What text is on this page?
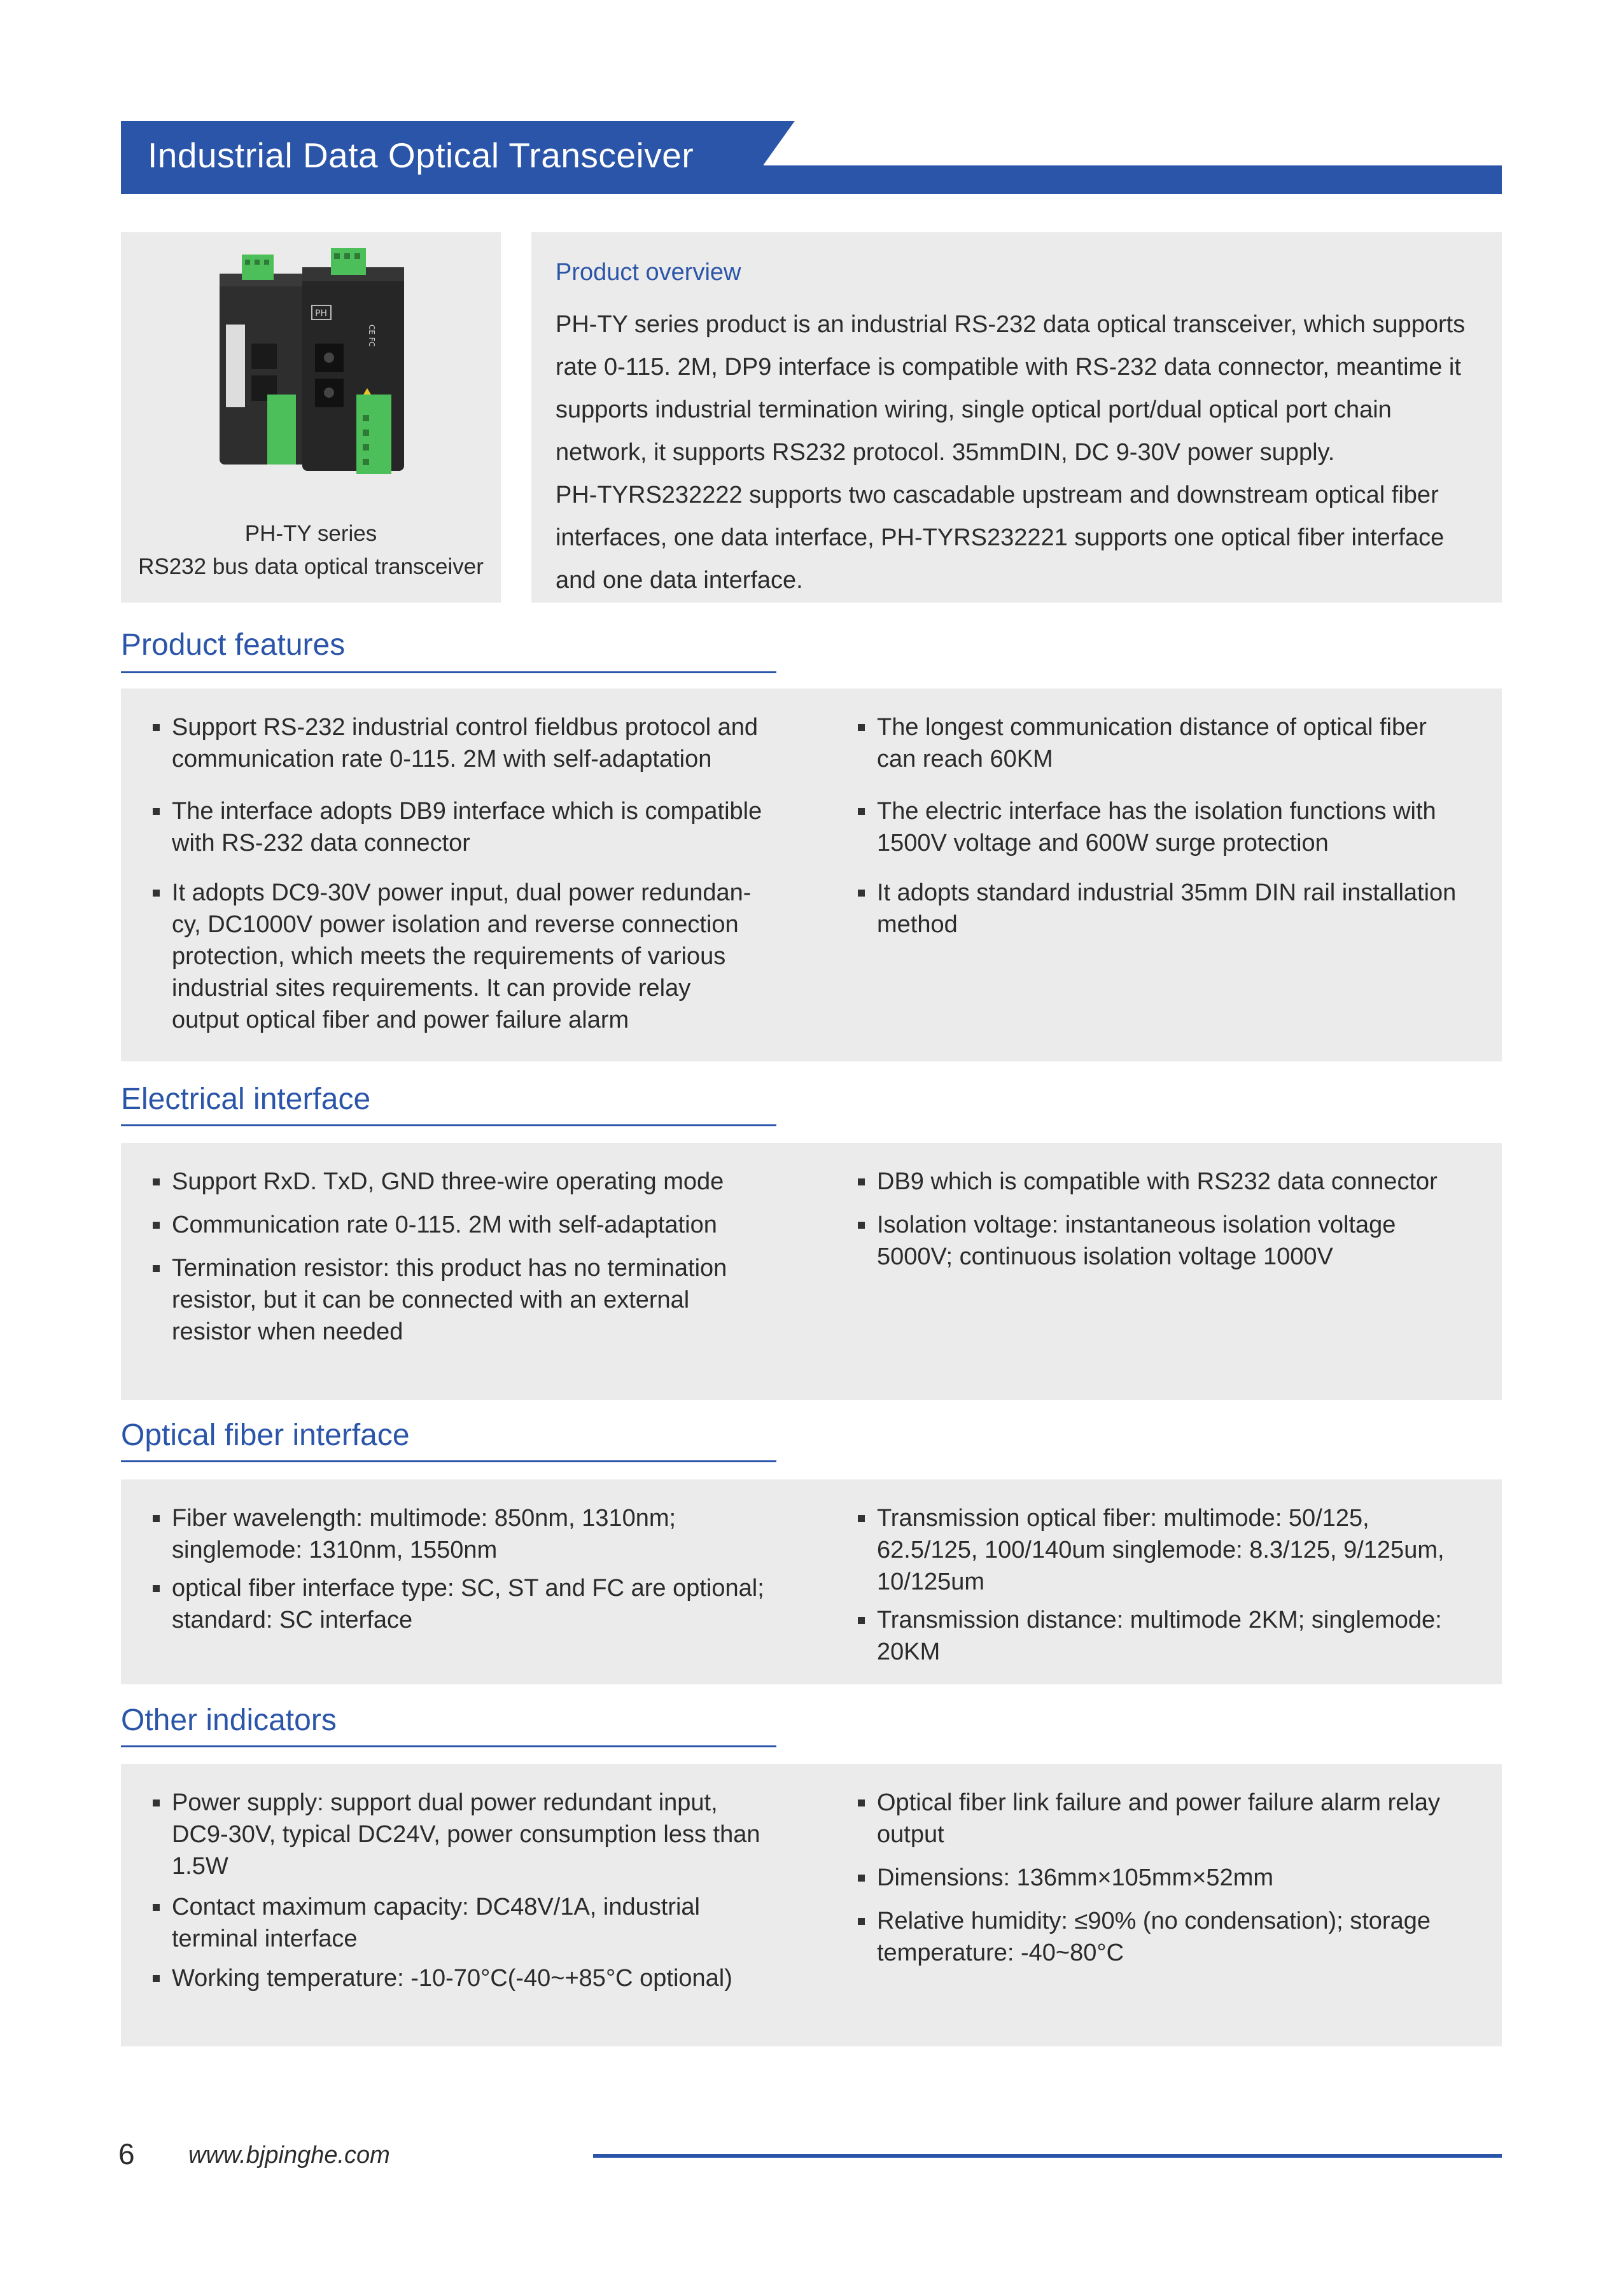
Industrial Data Optical Transceiver
PH
CE FC
PH-TY series
RS232 bus data optical transceiver
Product overview

PH-TY series product is an industrial RS-232 data optical transceiver, which supports

rate 0-115. 2M, DP9 interface is compatible with RS-232 data connector, meantime it

supports industrial termination wiring, single optical port/dual optical port chain

network, it supports RS232 protocol. 35mmDIN, DC 9-30V power supply.

PH-TYRS232222 supports two cascadable upstream and downstream optical fiber

interfaces, one data interface, PH-TYRS232221 supports one optical fiber interface

and one data interface.

Product features
Support RS-232 industrial control fieldbus protocol and
communication rate 0-115. 2M with self-adaptation
The interface adopts DB9 interface which is compatible
with RS-232 data connector
It adopts DC9-30V power input, dual power redundan-
cy, DC1000V power isolation and reverse connection
protection, which meets the requirements of various
industrial sites requirements. It can provide relay
output optical fiber and power failure alarm
The longest communication distance of optical fiber
can reach 60KM
The electric interface has the isolation functions with
1500V voltage and 600W surge protection
It adopts standard industrial 35mm DIN rail installation
method
Electrical interface
Support RxD. TxD, GND three-wire operating mode
Communication rate 0-115. 2M with self-adaptation
Termination resistor: this product has no termination
resistor, but it can be connected with an external
resistor when needed
DB9 which is compatible with RS232 data connector
Isolation voltage: instantaneous isolation voltage
5000V; continuous isolation voltage 1000V
Optical fiber interface
Fiber wavelength: multimode: 850nm, 1310nm;
singlemode: 1310nm, 1550nm
optical fiber interface type: SC, ST and FC are optional;
standard: SC interface
Transmission optical fiber: multimode: 50/125,
62.5/125, 100/140um singlemode: 8.3/125, 9/125um,
10/125um
Transmission distance: multimode 2KM; singlemode:
20KM
Other indicators
Power supply: support dual power redundant input,
DC9-30V, typical DC24V, power consumption less than
1.5W
Contact maximum capacity: DC48V/1A, industrial
terminal interface
Working temperature: -10-70°C(-40~+85°C optional)
Optical fiber link failure and power failure alarm relay
output
Dimensions: 136mm×105mm×52mm
Relative humidity: ≤90% (no condensation); storage
temperature: -40~80°C
6 www.bjpinghe.com
